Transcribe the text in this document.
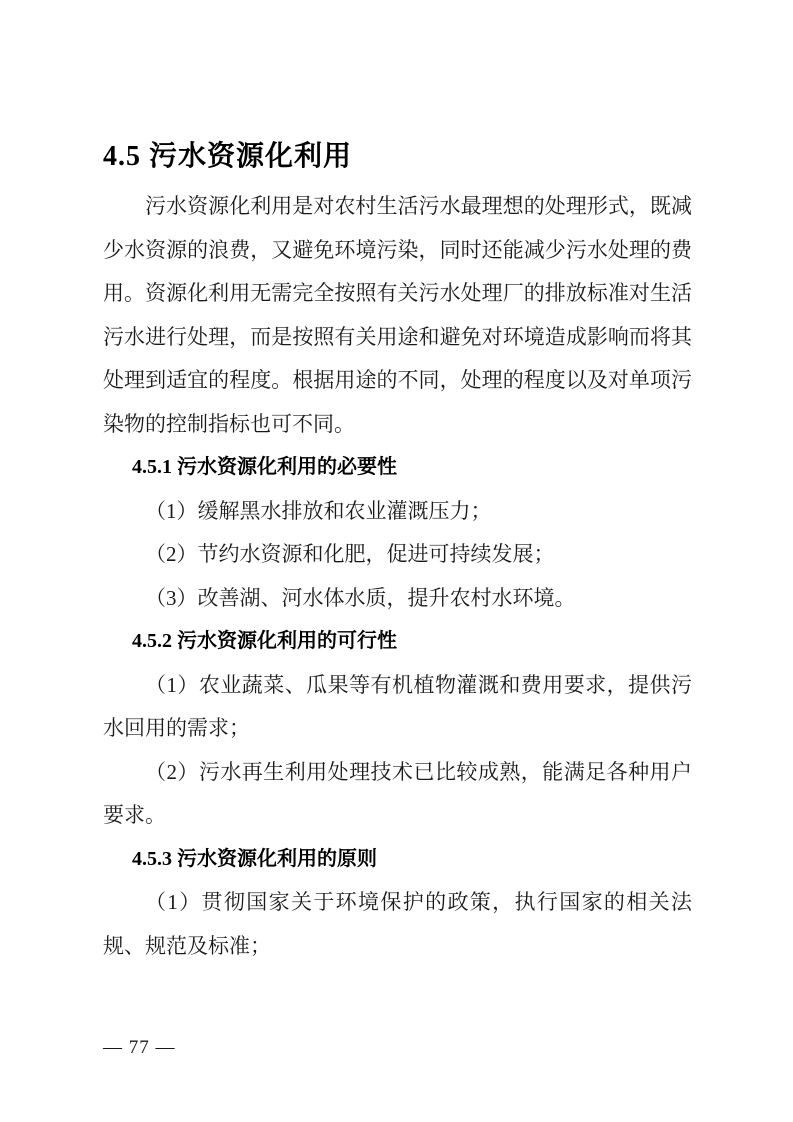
4.5 污水资源化利用

污水资源化利用是对农村生活污水最理想的处理形式，既减少水资源的浪费，又避免环境污染，同时还能减少污水处理的费用。资源化利用无需完全按照有关污水处理厂的排放标准对生活污水进行处理，而是按照有关用途和避免对环境造成影响而将其处理到适宜的程度。根据用途的不同，处理的程度以及对单项污染物的控制指标也可不同。

4.5.1 污水资源化利用的必要性

（1）缓解黑水排放和农业灌溉压力；

（2）节约水资源和化肥，促进可持续发展；

（3）改善湖、河水体水质，提升农村水环境。

4.5.2 污水资源化利用的可行性

（1）农业蔬菜、瓜果等有机植物灌溉和费用要求，提供污水回用的需求；

（2）污水再生利用处理技术已比较成熟，能满足各种用户要求。

4.5.3 污水资源化利用的原则

（1）贯彻国家关于环境保护的政策，执行国家的相关法规、规范及标准；

— 77 —
